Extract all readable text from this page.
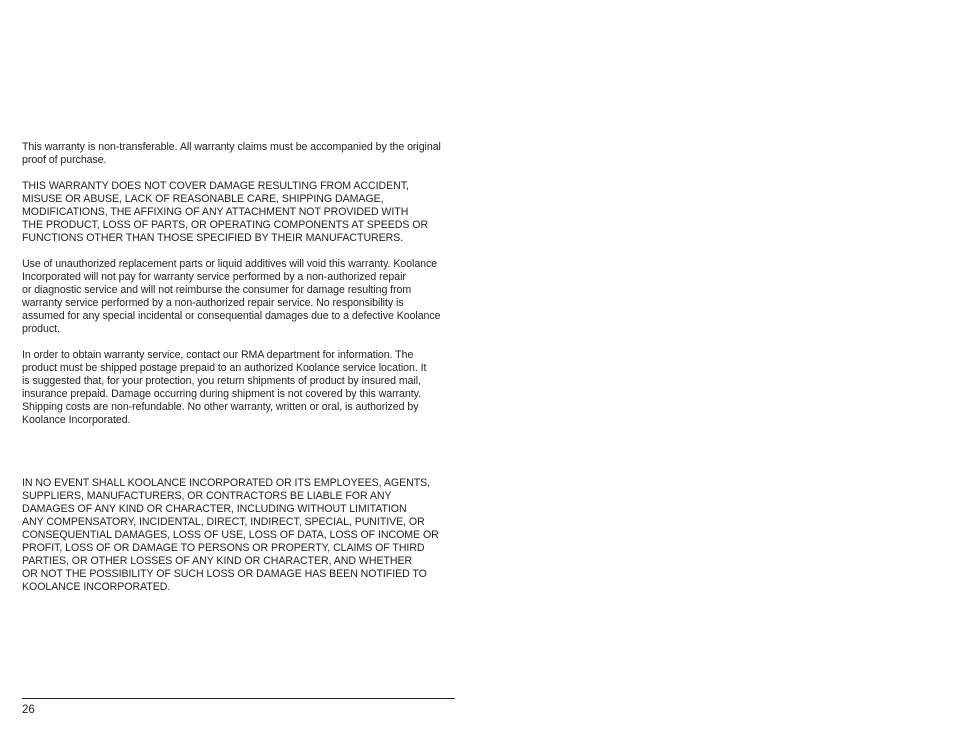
This warranty is non-transferable. All warranty claims must be accompanied by the original
proof of purchase.

THIS WARRANTY DOES NOT COVER DAMAGE RESULTING FROM ACCIDENT,
MISUSE OR ABUSE, LACK OF REASONABLE CARE, SHIPPING DAMAGE,
MODIFICATIONS, THE AFFIXING OF ANY ATTACHMENT NOT PROVIDED WITH
THE PRODUCT, LOSS OF PARTS, OR OPERATING COMPONENTS AT SPEEDS OR
FUNCTIONS OTHER THAN THOSE SPECIFIED BY THEIR MANUFACTURERS.

Use of unauthorized replacement parts or liquid additives will void this warranty. Koolance
Incorporated will not pay for warranty service performed by a non-authorized repair
or diagnostic service and will not reimburse the consumer for damage resulting from
warranty service performed by a non-authorized repair service. No responsibility is
assumed for any special incidental or consequential damages due to a defective Koolance
product.

In order to obtain warranty service, contact our RMA department for information. The
product must be shipped postage prepaid to an authorized Koolance service location. It
is suggested that, for your protection, you return shipments of product by insured mail,
insurance prepaid. Damage occurring during shipment is not covered by this warranty.
Shipping costs are non-refundable. No other warranty, written or oral, is authorized by
Koolance Incorporated.

IN NO EVENT SHALL KOOLANCE INCORPORATED OR ITS EMPLOYEES, AGENTS,
SUPPLIERS, MANUFACTURERS, OR CONTRACTORS BE LIABLE FOR ANY
DAMAGES OF ANY KIND OR CHARACTER, INCLUDING WITHOUT LIMITATION
ANY COMPENSATORY, INCIDENTAL, DIRECT, INDIRECT, SPECIAL, PUNITIVE, OR
CONSEQUENTIAL DAMAGES, LOSS OF USE, LOSS OF DATA, LOSS OF INCOME OR
PROFIT, LOSS OF OR DAMAGE TO PERSONS OR PROPERTY, CLAIMS OF THIRD
PARTIES, OR OTHER LOSSES OF ANY KIND OR CHARACTER, AND WHETHER
OR NOT THE POSSIBILITY OF SUCH LOSS OR DAMAGE HAS BEEN NOTIFIED TO
KOOLANCE INCORPORATED.

26
